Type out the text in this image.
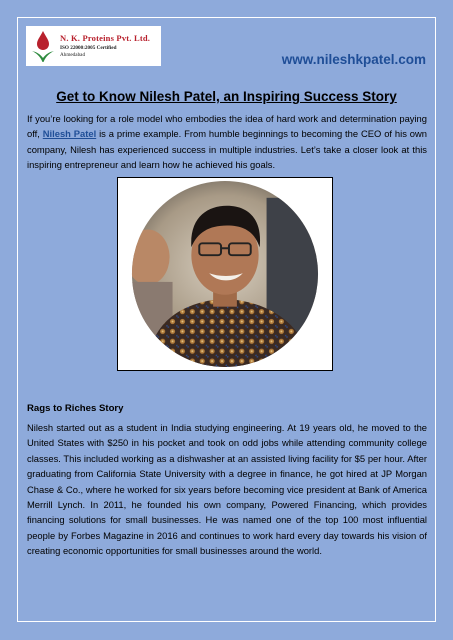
N. K. Proteins Pvt. Ltd.
ISO 22000:2005 Certified
Ahmedabad	www.nileshkpatel.com
Get to Know Nilesh Patel, an Inspiring Success Story

If you’re looking for a role model who embodies the idea of hard work and determination paying off, Nilesh Patel is a prime example. From humble beginnings to becoming the CEO of his own company, Nilesh has experienced success in multiple industries. Let’s take a closer look at this inspiring entrepreneur and learn how he achieved his goals.

Rags to Riches Story

Nilesh started out as a student in India studying engineering. At 19 years old, he moved to the United States with $250 in his pocket and took on odd jobs while attending community college classes. This included working as a dishwasher at an assisted living facility for $5 per hour. After graduating from California State University with a degree in finance, he got hired at JP Morgan Chase & Co., where he worked for six years before becoming vice president at Bank of America Merrill Lynch. In 2011, he founded his own company, Powered Financing, which provides financing solutions for small businesses. He was named one of the top 100 most influential people by Forbes Magazine in 2016 and continues to work hard every day towards his vision of creating economic opportunities for small businesses around the world.
